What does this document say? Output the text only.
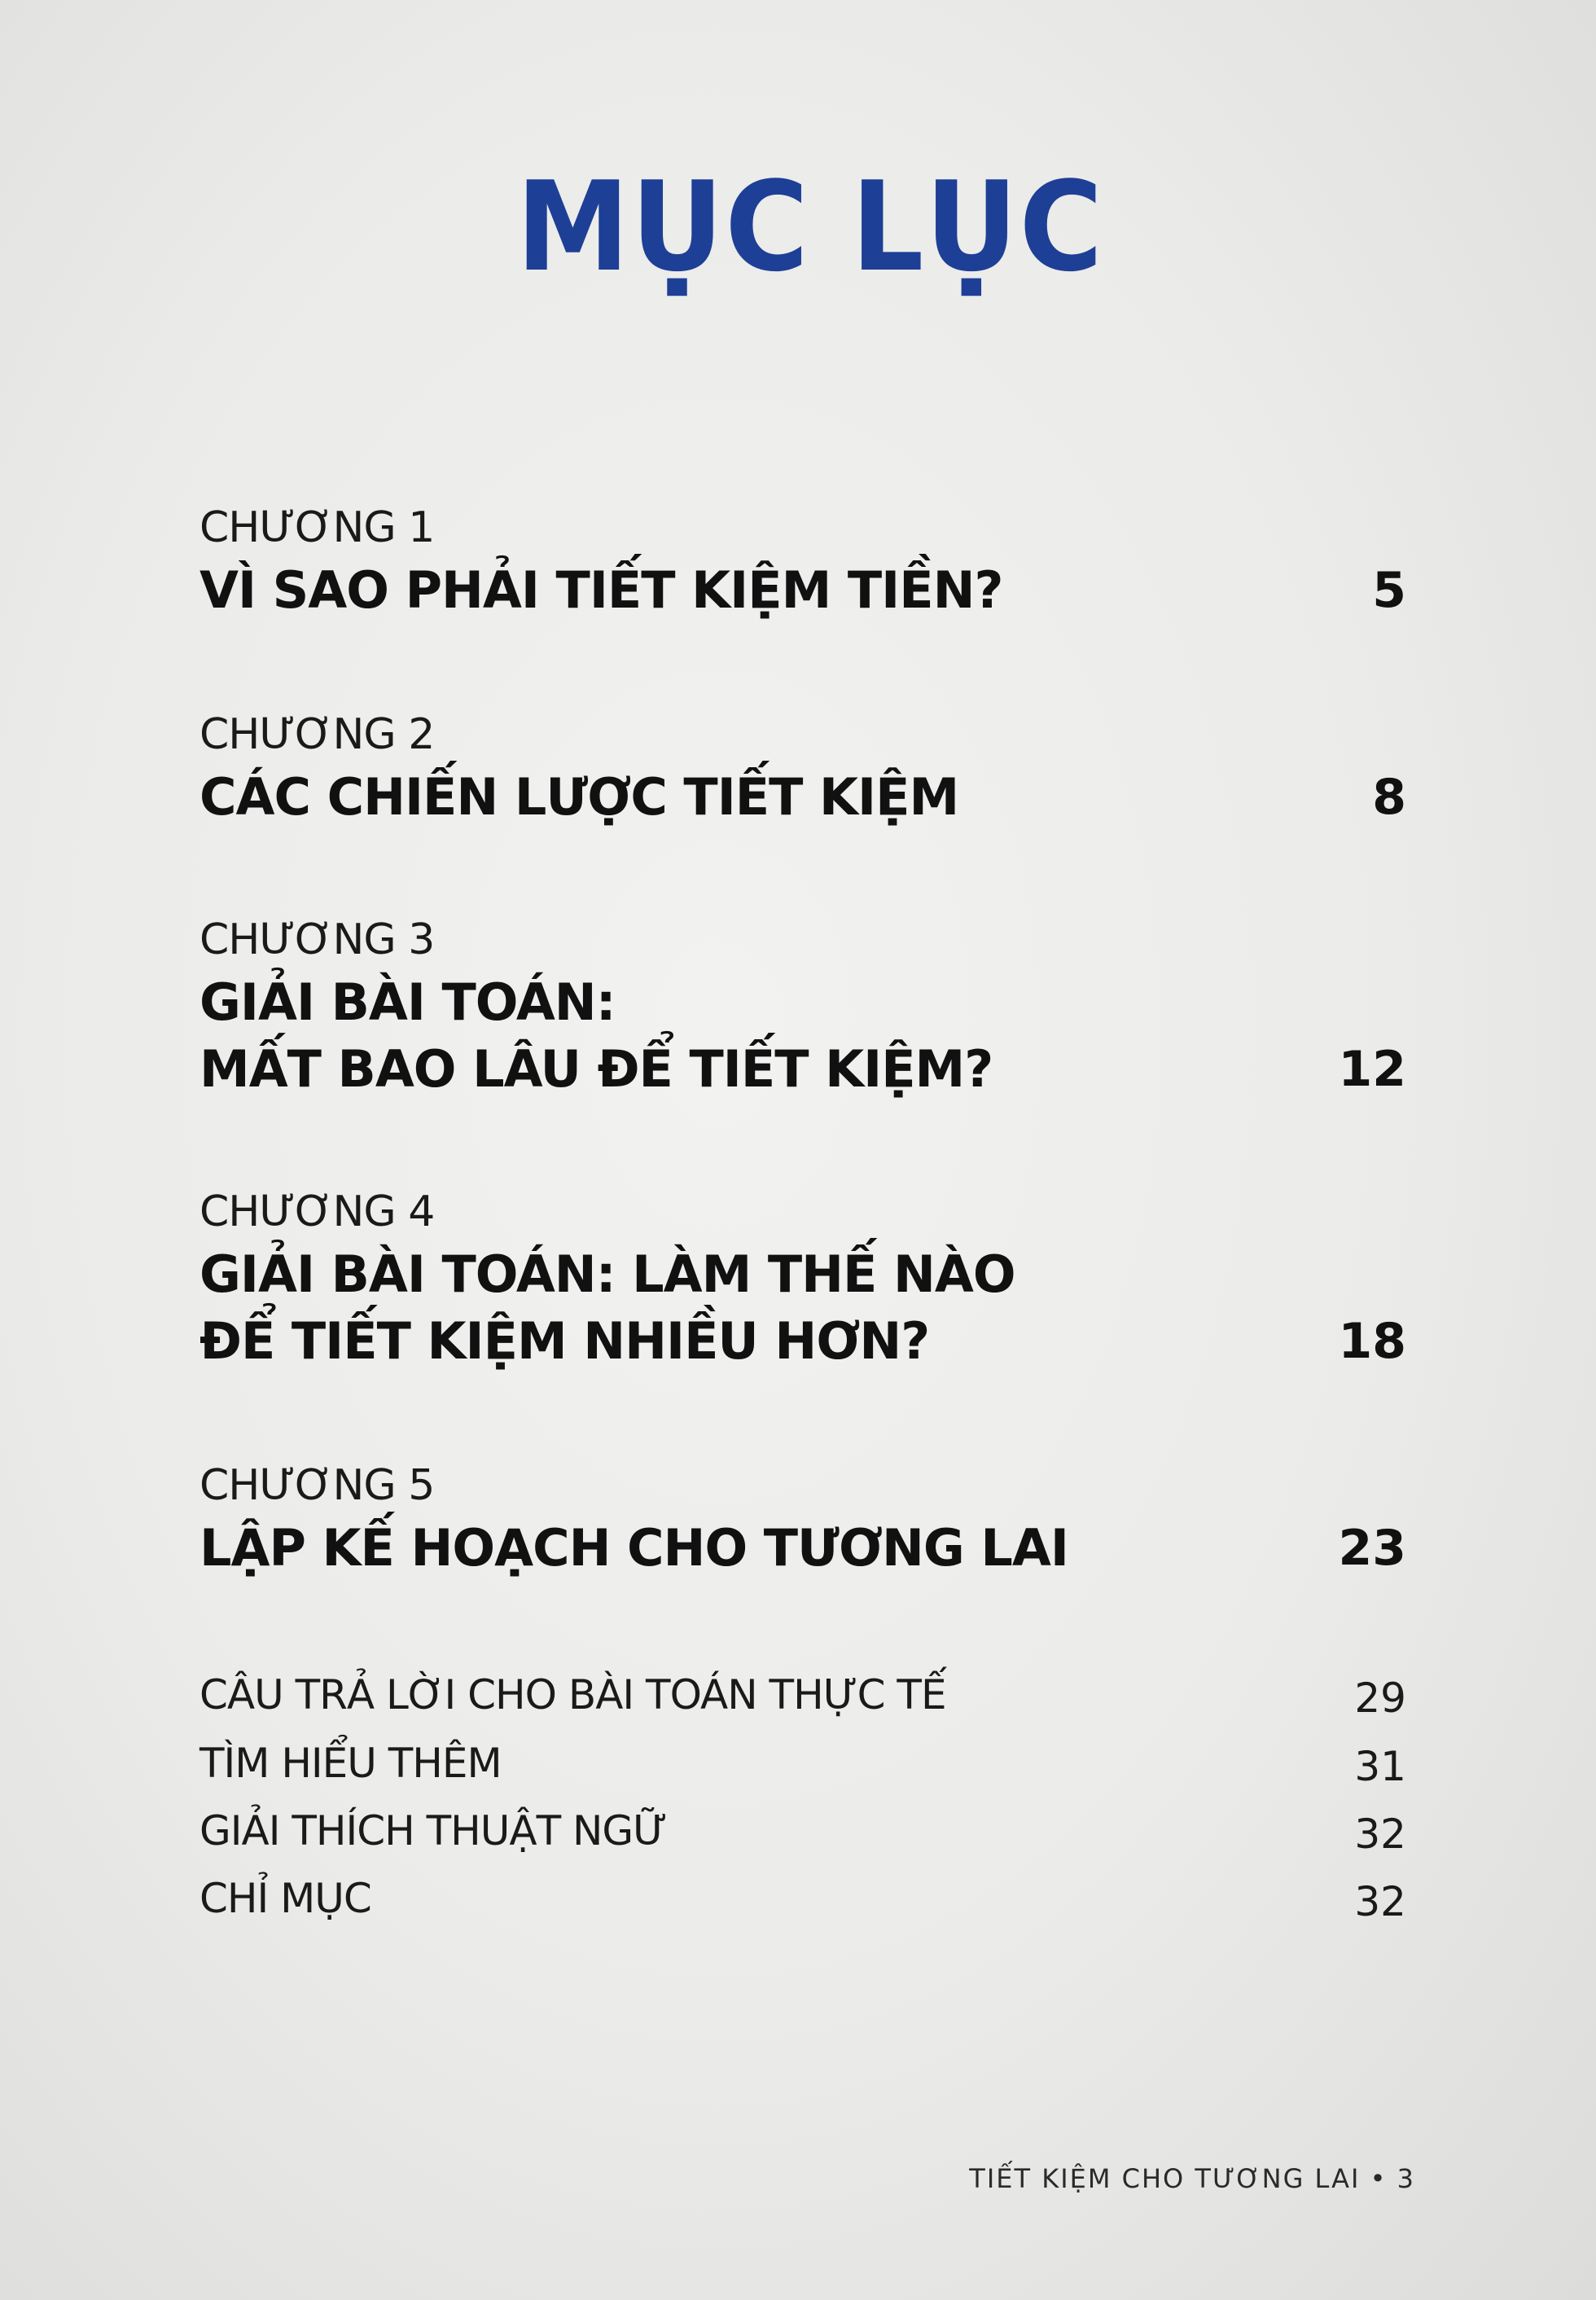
MỤC LỤC
CHƯƠNG 1
VÌ SAO PHẢI TIẾT KIỆM TIỀN?	5
CHƯƠNG 2
CÁC CHIẾN LƯỢC TIẾT KIỆM	8
CHƯƠNG 3
GIẢI BÀI TOÁN:
MẤT BAO LÂU ĐỂ TIẾT KIỆM?	12
CHƯƠNG 4
GIẢI BÀI TOÁN: LÀM THẾ NÀO
ĐỂ TIẾT KIỆM NHIỀU HƠN?	18
CHƯƠNG 5
LẬP KẾ HOẠCH CHO TƯƠNG LAI	23
CÂU TRẢ LỜI CHO BÀI TOÁN THỰC TẾ	29
TÌM HIỂU THÊM	31
GIẢI THÍCH THUẬT NGỮ	32
CHỈ MỤC	32
TIẾT KIỆM CHO TƯƠNG LAI • 3
